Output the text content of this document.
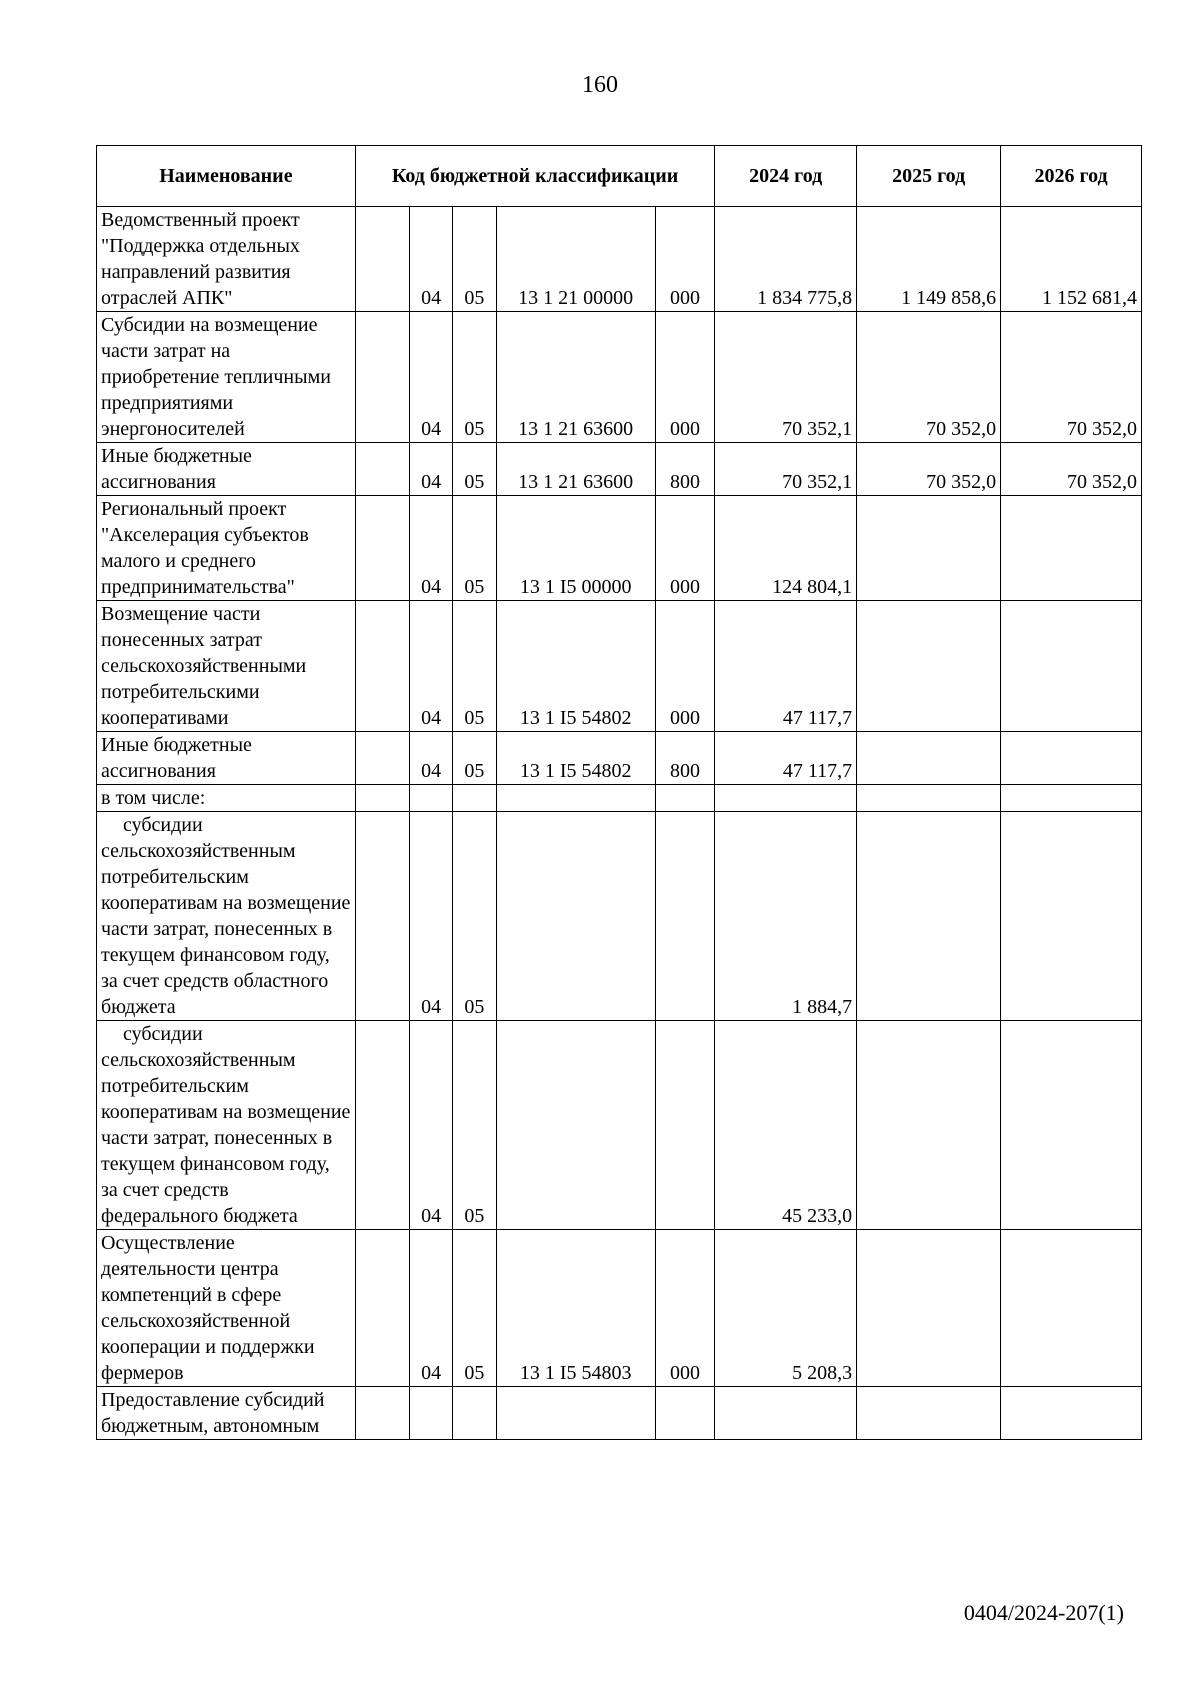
160
Наименование	Код бюджетной классификации					2024 год	2025 год	2026 год
Ведомственный проект "Поддержка отдельных направлений развития отраслей АПК"		04	05	13 1 21 00000	000	1 834 775,8	1 149 858,6	1 152 681,4
Субсидии на возмещение части затрат на приобретение тепличными предприятиями энергоносителей		04	05	13 1 21 63600	000	70 352,1	70 352,0	70 352,0
Иные бюджетные ассигнования		04	05	13 1 21 63600	800	70 352,1	70 352,0	70 352,0
Региональный проект "Акселерация субъектов малого и среднего предпринимательства"		04	05	13 1 I5 00000	000	124 804,1		
Возмещение части понесенных затрат сельскохозяйственными потребительскими кооперативами		04	05	13 1 I5 54802	000	47 117,7		
Иные бюджетные ассигнования		04	05	13 1 I5 54802	800	47 117,7		
в том числе:								
субсидии сельскохозяйственным потребительским кооперативам на возмещение части затрат, понесенных в текущем финансовом году, за счет средств областного бюджета		04	05			1 884,7		
субсидии сельскохозяйственным потребительским кооперативам на возмещение части затрат, понесенных в текущем финансовом году, за счет средств федерального бюджета		04	05			45 233,0		
Осуществление деятельности центра компетенций в сфере сельскохозяйственной кооперации и поддержки фермеров		04	05	13 1 I5 54803	000	5 208,3		
Предоставление субсидий бюджетным, автономным								
0404/2024-207(1)
